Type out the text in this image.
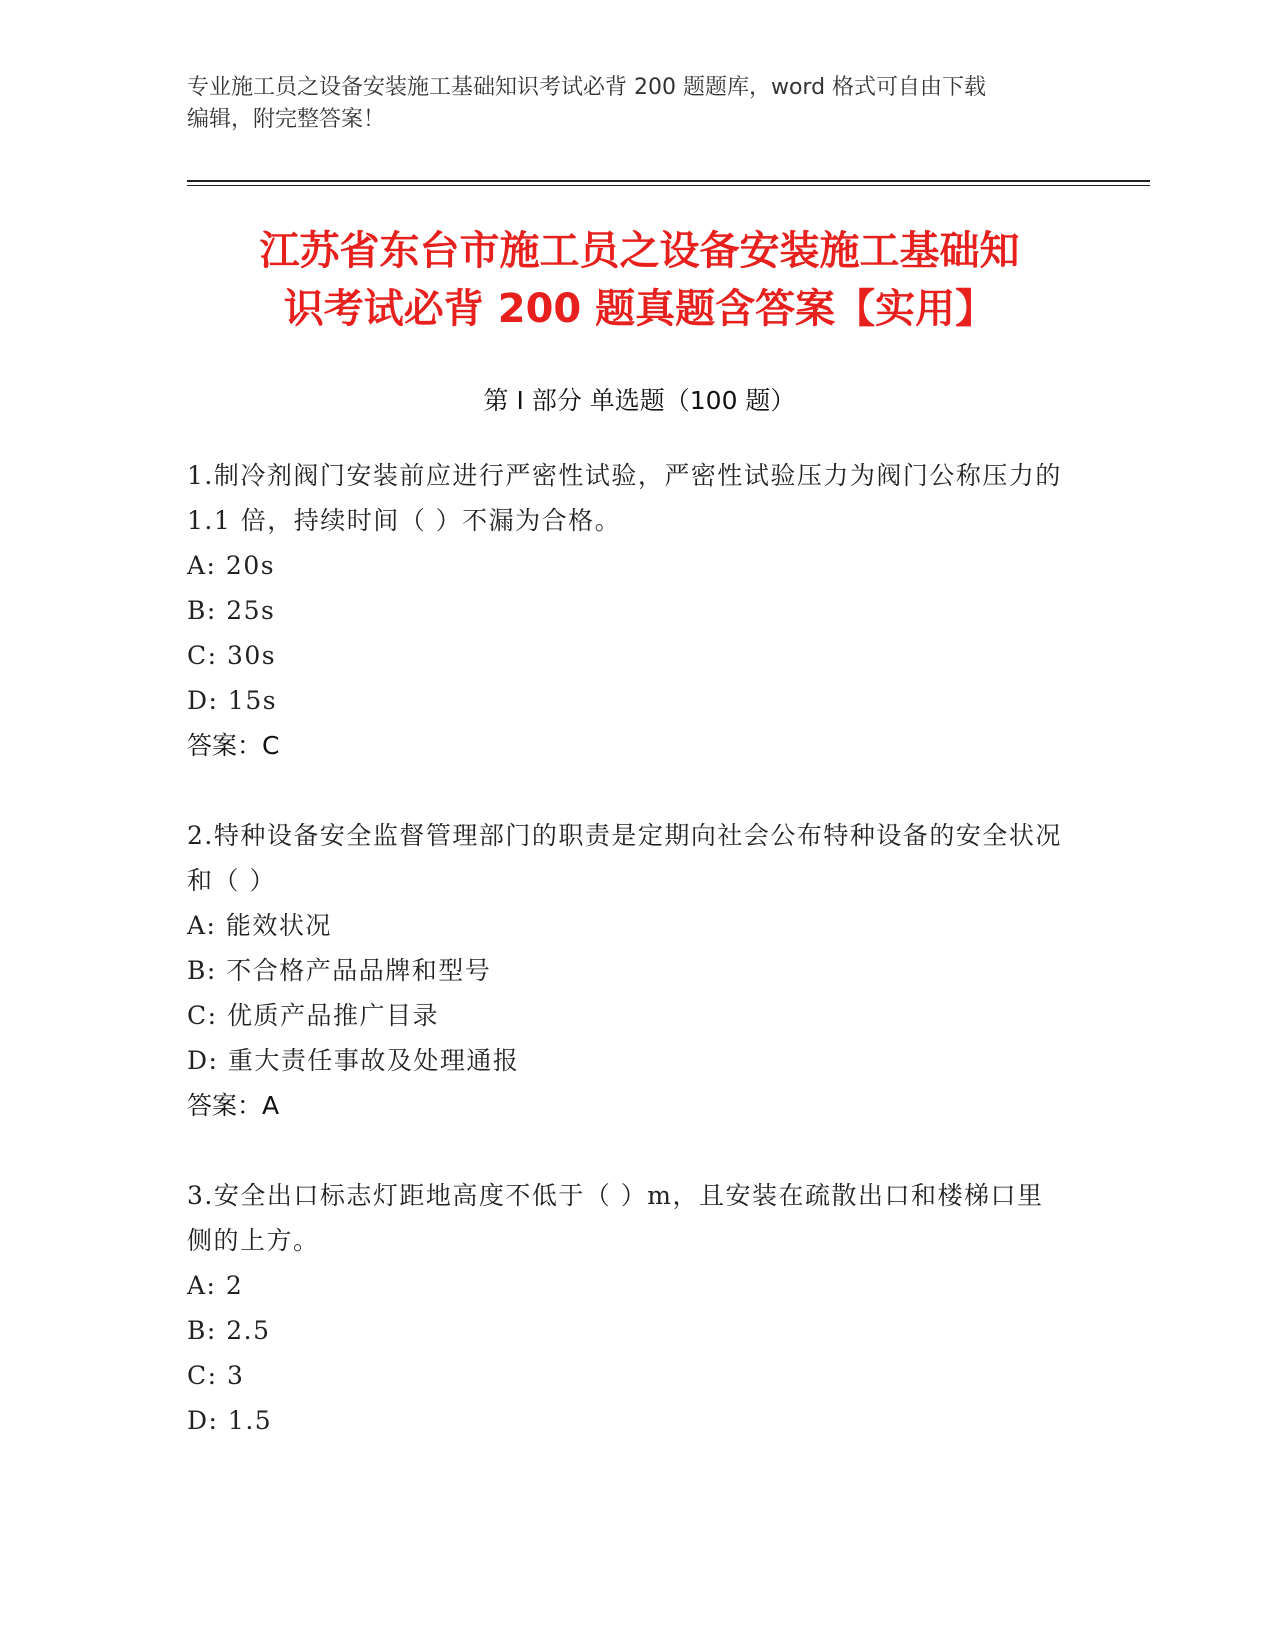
专业施工员之设备安装施工基础知识考试必背 200 题题库，word 格式可自由下载
编辑，附完整答案！
江苏省东台市施工员之设备安装施工基础知
识考试必背 200 题真题含答案【实用】
第 I 部分 单选题（100 题）
1.制冷剂阀门安装前应进行严密性试验，严密性试验压力为阀门公称压力的 1.1 倍，持续时间（ ）不漏为合格。
A: 20s
B: 25s
C: 30s
D: 15s
答案：C
2.特种设备安全监督管理部门的职责是定期向社会公布特种设备的安全状况和（ ）
A: 能效状况
B: 不合格产品品牌和型号
C: 优质产品推广目录
D: 重大责任事故及处理通报
答案：A
3.安全出口标志灯距地高度不低于（ ）m，且安装在疏散出口和楼梯口里侧的上方。
A: 2
B: 2.5
C: 3
D: 1.5
